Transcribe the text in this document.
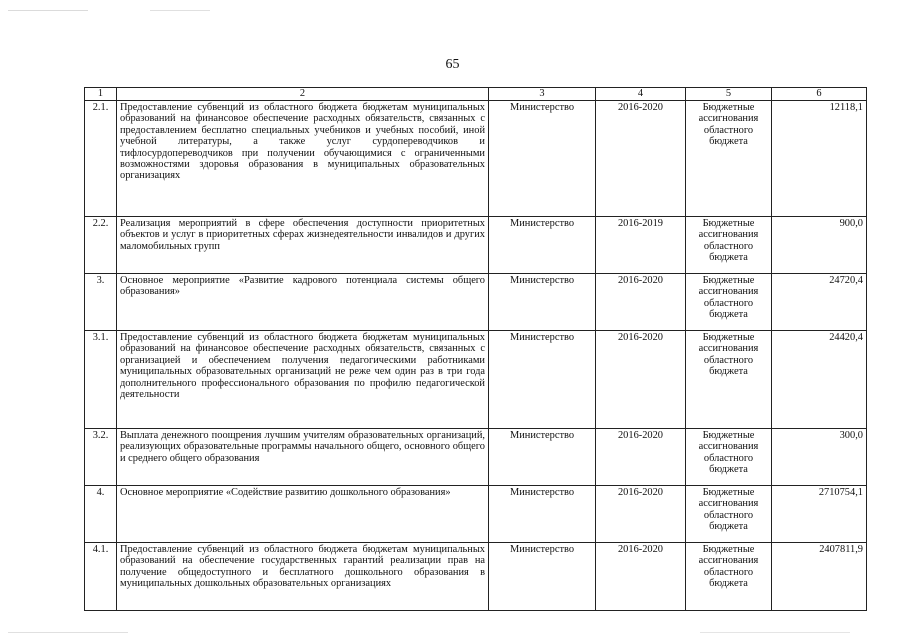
65
1	2	3	4	5	6
2.1.	Предоставление субвенций из областного бюджета бюджетам муниципальных образований на финансовое обеспечение расходных обязательств, связанных с предоставлением бесплатно специальных учебников и учебных пособий, иной учебной литературы, а также услуг сурдопереводчиков и тифлосурдопереводчиков при получении обучающимися с ограниченными возможностями здоровья образования в муниципальных образовательных организациях	Министерство	2016-2020	Бюджетные ассигнования областного бюджета	12118,1
2.2.	Реализация мероприятий в сфере обеспечения доступности приоритетных объектов и услуг в приоритетных сферах жизнедеятельности инвалидов и других маломобильных групп	Министерство	2016-2019	Бюджетные ассигнования областного бюджета	900,0
3.	Основное мероприятие «Развитие кадрового потенциала системы общего образования»	Министерство	2016-2020	Бюджетные ассигнования областного бюджета	24720,4
3.1.	Предоставление субвенций из областного бюджета бюджетам муниципальных образований на финансовое обеспечение расходных обязательств, связанных с организацией и обеспечением получения педагогическими работниками муниципальных образовательных организаций не реже чем один раз в три года дополнительного профессионального образования по профилю педагогической деятельности	Министерство	2016-2020	Бюджетные ассигнования областного бюджета	24420,4
3.2.	Выплата денежного поощрения лучшим учителям образовательных организаций, реализующих образовательные программы начального общего, основного общего и среднего общего образования	Министерство	2016-2020	Бюджетные ассигнования областного бюджета	300,0
4.	Основное мероприятие «Содействие развитию дошкольного образования»	Министерство	2016-2020	Бюджетные ассигнования областного бюджета	2710754,1
4.1.	Предоставление субвенций из областного бюджета бюджетам муниципальных образований на обеспечение государственных гарантий реализации прав на получение общедоступного и бесплатного дошкольного образования в муниципальных дошкольных образовательных организациях	Министерство	2016-2020	Бюджетные ассигнования областного бюджета	2407811,9
